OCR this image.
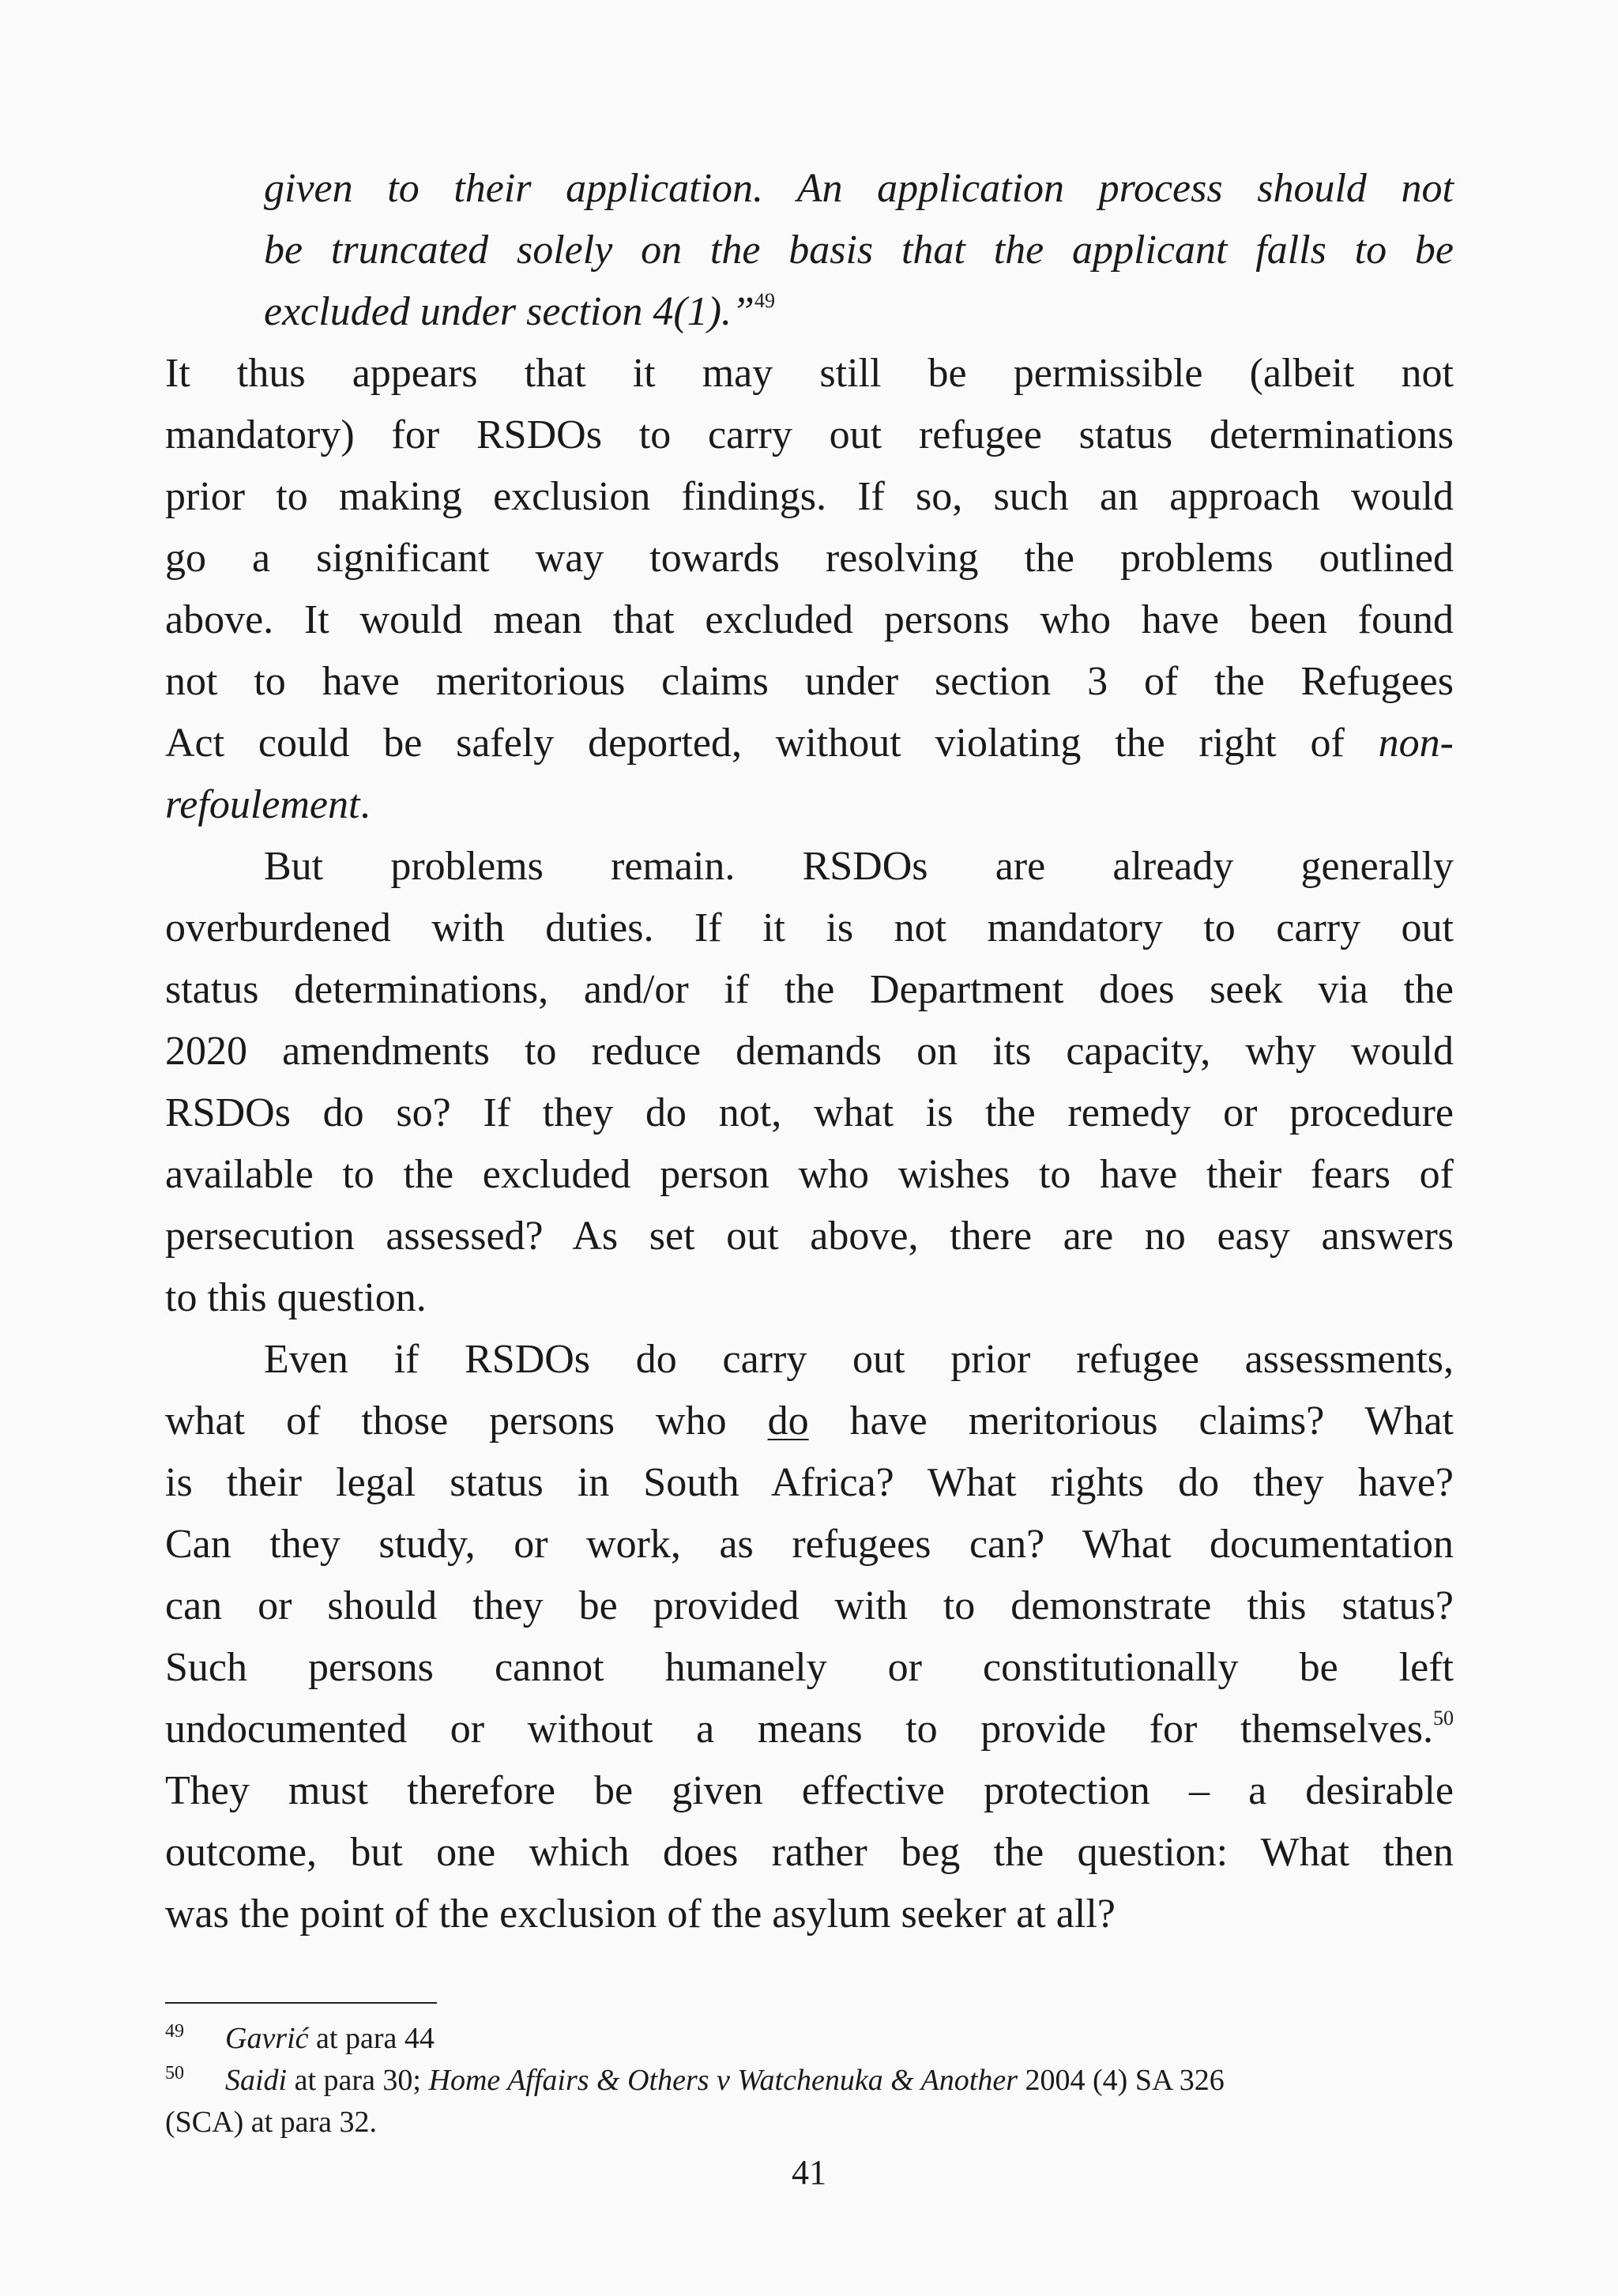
given to their application. An application process should not
be truncated solely on the basis that the applicant falls to be
excluded under section 4(1).”$^{49}$
It thus appears that it may still be permissible (albeit not
mandatory) for RSDOs to carry out refugee status determinations
prior to making exclusion findings. If so, such an approach would
go a significant way towards resolving the problems outlined
above. It would mean that excluded persons who have been found
not to have meritorious claims under section 3 of the Refugees
Act could be safely deported, without violating the right of non-
refoulement.
But problems remain. RSDOs are already generally
overburdened with duties. If it is not mandatory to carry out
status determinations, and/or if the Department does seek via the
2020 amendments to reduce demands on its capacity, why would
RSDOs do so? If they do not, what is the remedy or procedure
available to the excluded person who wishes to have their fears of
persecution assessed? As set out above, there are no easy answers
to this question.
Even if RSDOs do carry out prior refugee assessments,
what of those persons who do have meritorious claims? What
is their legal status in South Africa? What rights do they have?
Can they study, or work, as refugees can? What documentation
can or should they be provided with to demonstrate this status?
Such persons cannot humanely or constitutionally be left
undocumented or without a means to provide for themselves.$^{50}$
They must therefore be given effective protection – a desirable
outcome, but one which does rather beg the question: What then
was the point of the exclusion of the asylum seeker at all?
49 Gavrić at para 44
50 Saidi at para 30; Home Affairs & Others v Watchenuka & Another 2004 (4) SA 326
(SCA) at para 32.
41
